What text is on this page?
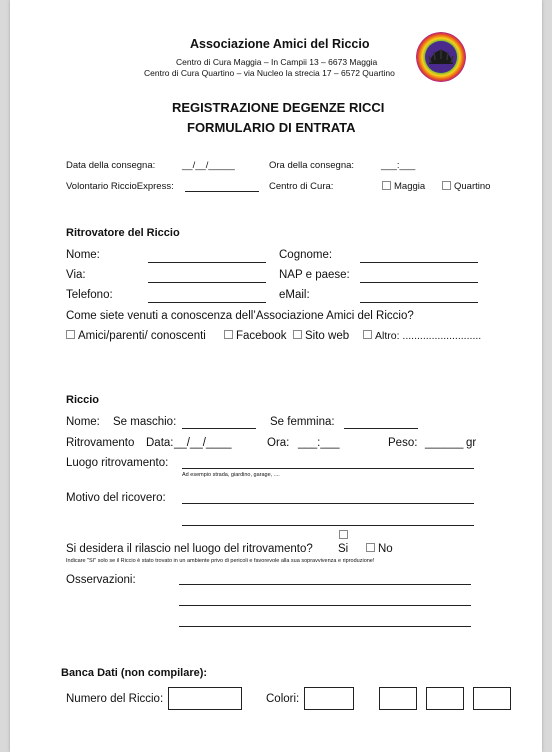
Associazione Amici del Riccio
Centro di Cura Maggia – In Campii 13 – 6673 Maggia
Centro di Cura Quartino – via Nucleo la strecia 17 – 6572 Quartino
REGISTRAZIONE DEGENZE RICCI
FORMULARIO DI ENTRATA
Data della consegna:	__/__/_____	Ora della consegna:	___:___
Volontario RiccioExpress:	Centro di Cura:	Maggia	Quartino
Ritrovatore del Riccio
Nome:	Cognome:
Via:	NAP e paese:
Telefono:	eMail:
Come siete venuti a conoscenza dell’Associazione Amici del Riccio?
Amici/parenti/ conoscenti	Facebook	Sito web	Altro: ...........................
Riccio
Nome: Se maschio:	Se femmina:
Ritrovamento Data: __/__/____	Ora: ___:___	Peso: ______ gr
Luogo ritrovamento:
Ad esempio strada, giardino, garage, ....
Motivo del ricovero:
Si desidera il rilascio nel luogo del ritrovamento? Si	No
Indicare "SI" solo se il Riccio è stato trovato in un ambiente privo di pericoli e favorevole alla sua sopravvivenza e riproduzione!
Osservazioni:
Banca Dati (non compilare):
Numero del Riccio:	Colori:
